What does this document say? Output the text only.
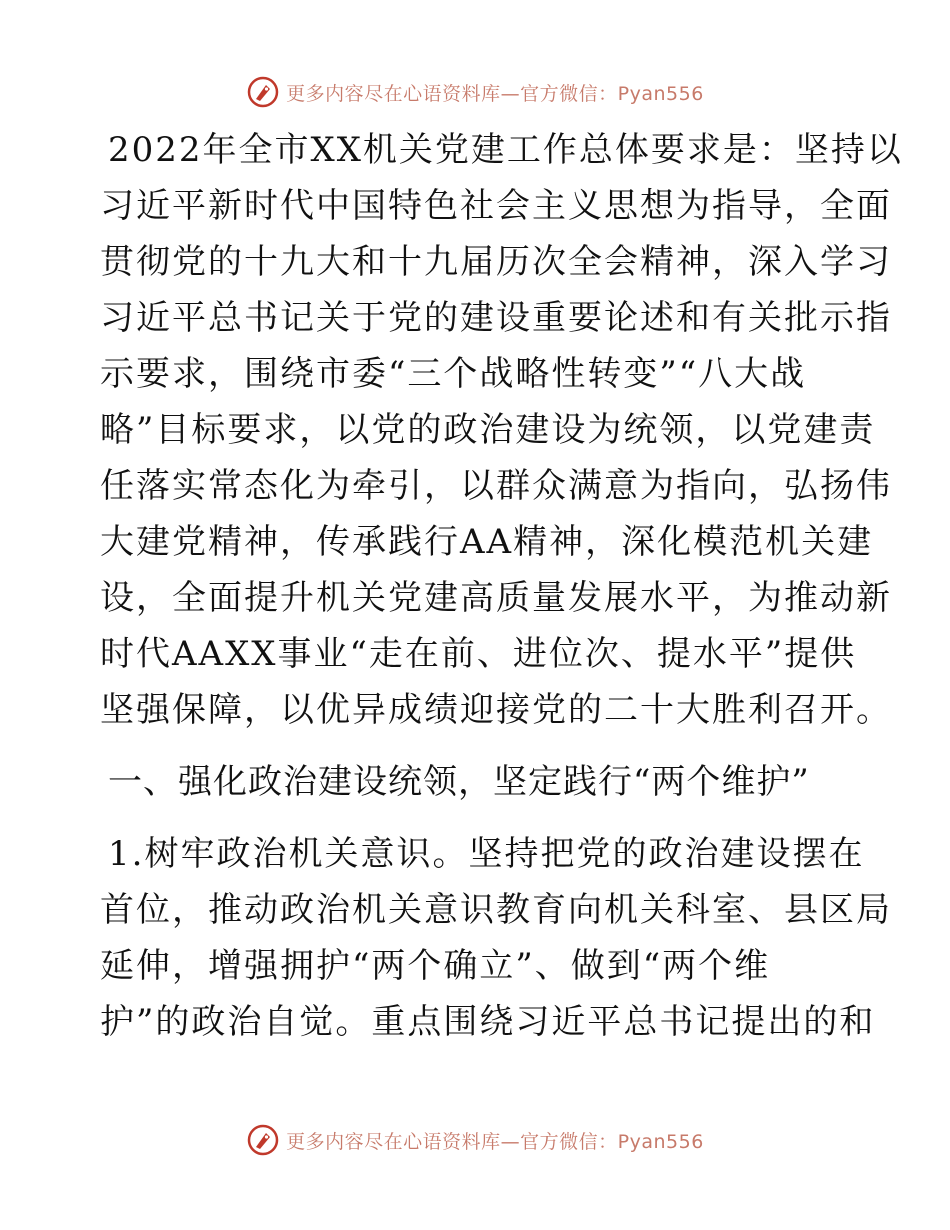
更多内容尽在心语资料库—官方微信：Pyan556
2022年全市XX机关党建工作总体要求是：坚持以
习近平新时代中国特色社会主义思想为指导，全面
贯彻党的十九大和十九届历次全会精神，深入学习
习近平总书记关于党的建设重要论述和有关批示指
示要求，围绕市委“三个战略性转变”“八大战
略”目标要求，以党的政治建设为统领，以党建责
任落实常态化为牵引，以群众满意为指向，弘扬伟
大建党精神，传承践行AA精神，深化模范机关建
设，全面提升机关党建高质量发展水平，为推动新
时代AAXX事业“走在前、进位次、提水平”提供
坚强保障，以优异成绩迎接党的二十大胜利召开。
一、强化政治建设统领，坚定践行“两个维护”
1.树牢政治机关意识。坚持把党的政治建设摆在
首位，推动政治机关意识教育向机关科室、县区局
延伸，增强拥护“两个确立”、做到“两个维
护”的政治自觉。重点围绕习近平总书记提出的和
更多内容尽在心语资料库—官方微信：Pyan556
